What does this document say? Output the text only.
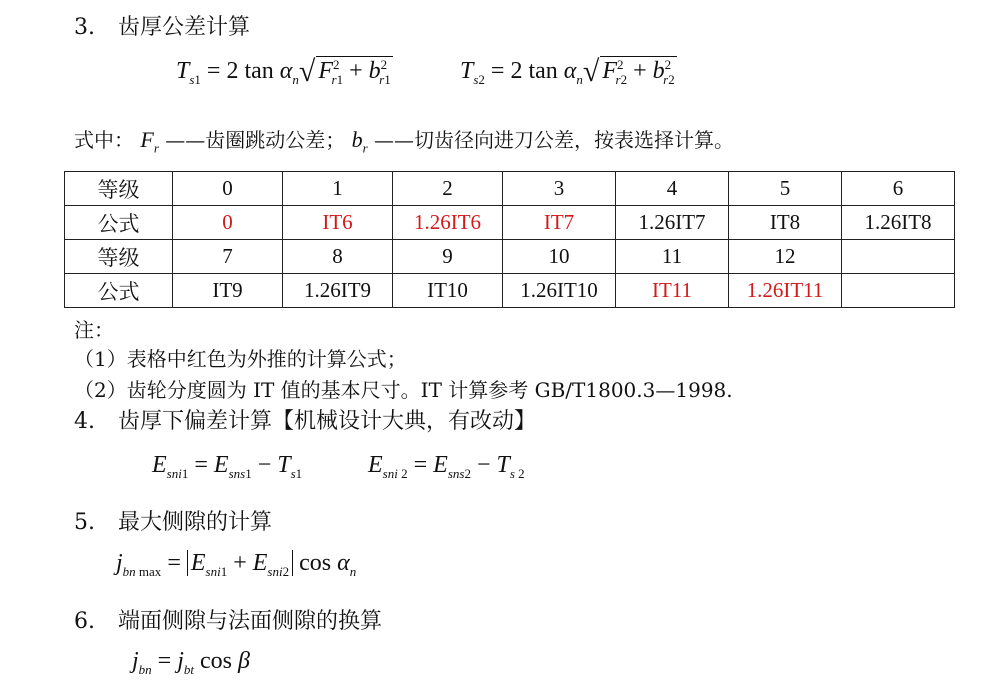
3. 齿厚公差计算
$T_{s1} = 2$ $\tan \alpha_n√$ $F^2_{r1} + b^2_{r1}$	$T_{s2} = 2$ $\tan \alpha_n√$ $F^2_{r2} + b^2_{r2}$
式中： $F_r$ ——齿圈跳动公差； $b_r$ ——切齿径向进刀公差，按表选择计算。
等级	0	1	2	3	4	5	6
公式	0	IT6	1.26IT6	IT7	1.26IT7	IT8	1.26IT8
等级	7	8	9	10	11	12	
公式	IT9	1.26IT9	IT10	1.26IT10	IT11	1.26IT11	
注：
（1）表格中红色为外推的计算公式；
（2）齿轮分度圆为 IT 值的基本尺寸。IT 计算参考 GB/T1800.3—1998.
4. 齿厚下偏差计算【机械设计大典，有改动】
$E_{sni1} = E_{sns1} - T_{s1}$	$E_{sni 2} = E_{sns2} - T_{s 2}$
5. 最大侧隙的计算
$j_{bn max} = E_{sni1} + E_{sni2}$ $\cos \alpha_n$
6. 端面侧隙与法面侧隙的换算
$j_{bn} = j_{bt}$ cos β
